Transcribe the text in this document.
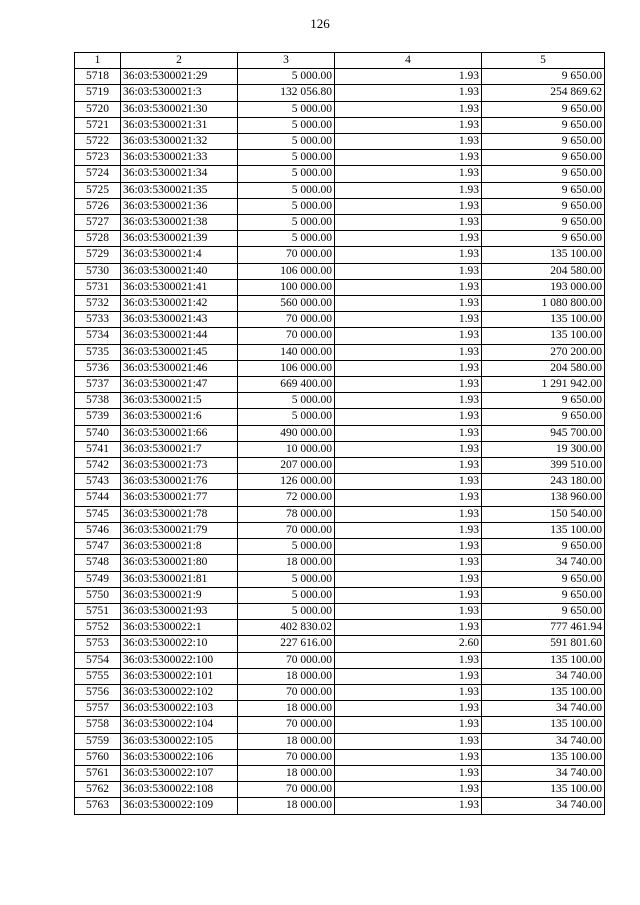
126
1	2	3	4	5
5718	36:03:5300021:29	5 000.00	1.93	9 650.00
5719	36:03:5300021:3	132 056.80	1.93	254 869.62
5720	36:03:5300021:30	5 000.00	1.93	9 650.00
5721	36:03:5300021:31	5 000.00	1.93	9 650.00
5722	36:03:5300021:32	5 000.00	1.93	9 650.00
5723	36:03:5300021:33	5 000.00	1.93	9 650.00
5724	36:03:5300021:34	5 000.00	1.93	9 650.00
5725	36:03:5300021:35	5 000.00	1.93	9 650.00
5726	36:03:5300021:36	5 000.00	1.93	9 650.00
5727	36:03:5300021:38	5 000.00	1.93	9 650.00
5728	36:03:5300021:39	5 000.00	1.93	9 650.00
5729	36:03:5300021:4	70 000.00	1.93	135 100.00
5730	36:03:5300021:40	106 000.00	1.93	204 580.00
5731	36:03:5300021:41	100 000.00	1.93	193 000.00
5732	36:03:5300021:42	560 000.00	1.93	1 080 800.00
5733	36:03:5300021:43	70 000.00	1.93	135 100.00
5734	36:03:5300021:44	70 000.00	1.93	135 100.00
5735	36:03:5300021:45	140 000.00	1.93	270 200.00
5736	36:03:5300021:46	106 000.00	1.93	204 580.00
5737	36:03:5300021:47	669 400.00	1.93	1 291 942.00
5738	36:03:5300021:5	5 000.00	1.93	9 650.00
5739	36:03:5300021:6	5 000.00	1.93	9 650.00
5740	36:03:5300021:66	490 000.00	1.93	945 700.00
5741	36:03:5300021:7	10 000.00	1.93	19 300.00
5742	36:03:5300021:73	207 000.00	1.93	399 510.00
5743	36:03:5300021:76	126 000.00	1.93	243 180.00
5744	36:03:5300021:77	72 000.00	1.93	138 960.00
5745	36:03:5300021:78	78 000.00	1.93	150 540.00
5746	36:03:5300021:79	70 000.00	1.93	135 100.00
5747	36:03:5300021:8	5 000.00	1.93	9 650.00
5748	36:03:5300021:80	18 000.00	1.93	34 740.00
5749	36:03:5300021:81	5 000.00	1.93	9 650.00
5750	36:03:5300021:9	5 000.00	1.93	9 650.00
5751	36:03:5300021:93	5 000.00	1.93	9 650.00
5752	36:03:5300022:1	402 830.02	1.93	777 461.94
5753	36:03:5300022:10	227 616.00	2.60	591 801.60
5754	36:03:5300022:100	70 000.00	1.93	135 100.00
5755	36:03:5300022:101	18 000.00	1.93	34 740.00
5756	36:03:5300022:102	70 000.00	1.93	135 100.00
5757	36:03:5300022:103	18 000.00	1.93	34 740.00
5758	36:03:5300022:104	70 000.00	1.93	135 100.00
5759	36:03:5300022:105	18 000.00	1.93	34 740.00
5760	36:03:5300022:106	70 000.00	1.93	135 100.00
5761	36:03:5300022:107	18 000.00	1.93	34 740.00
5762	36:03:5300022:108	70 000.00	1.93	135 100.00
5763	36:03:5300022:109	18 000.00	1.93	34 740.00
